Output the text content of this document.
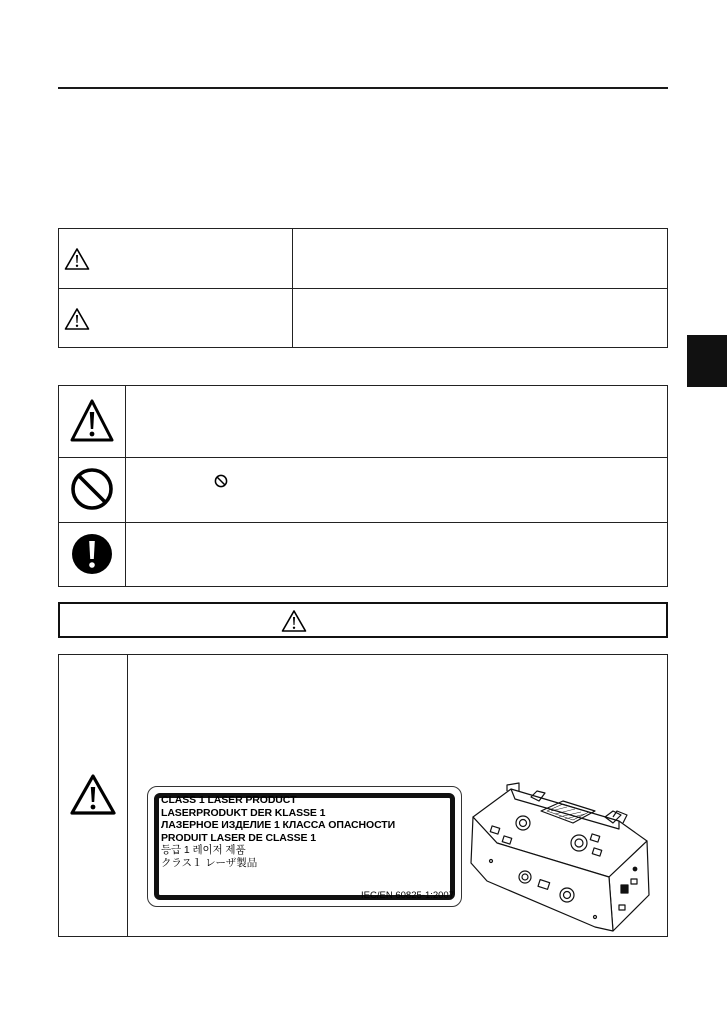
CLASS 1 LASER PRODUCT
LASERPRODUKT DER KLASSE 1
ЛАЗЕРНОЕ ИЗДЕЛИЕ 1 КЛАССА ОПАСНОСТИ
PRODUIT LASER DE CLASSE 1
등급 1 레이저 제품
クラス１ レーザ製品
IEC/EN 60825-1:2007
